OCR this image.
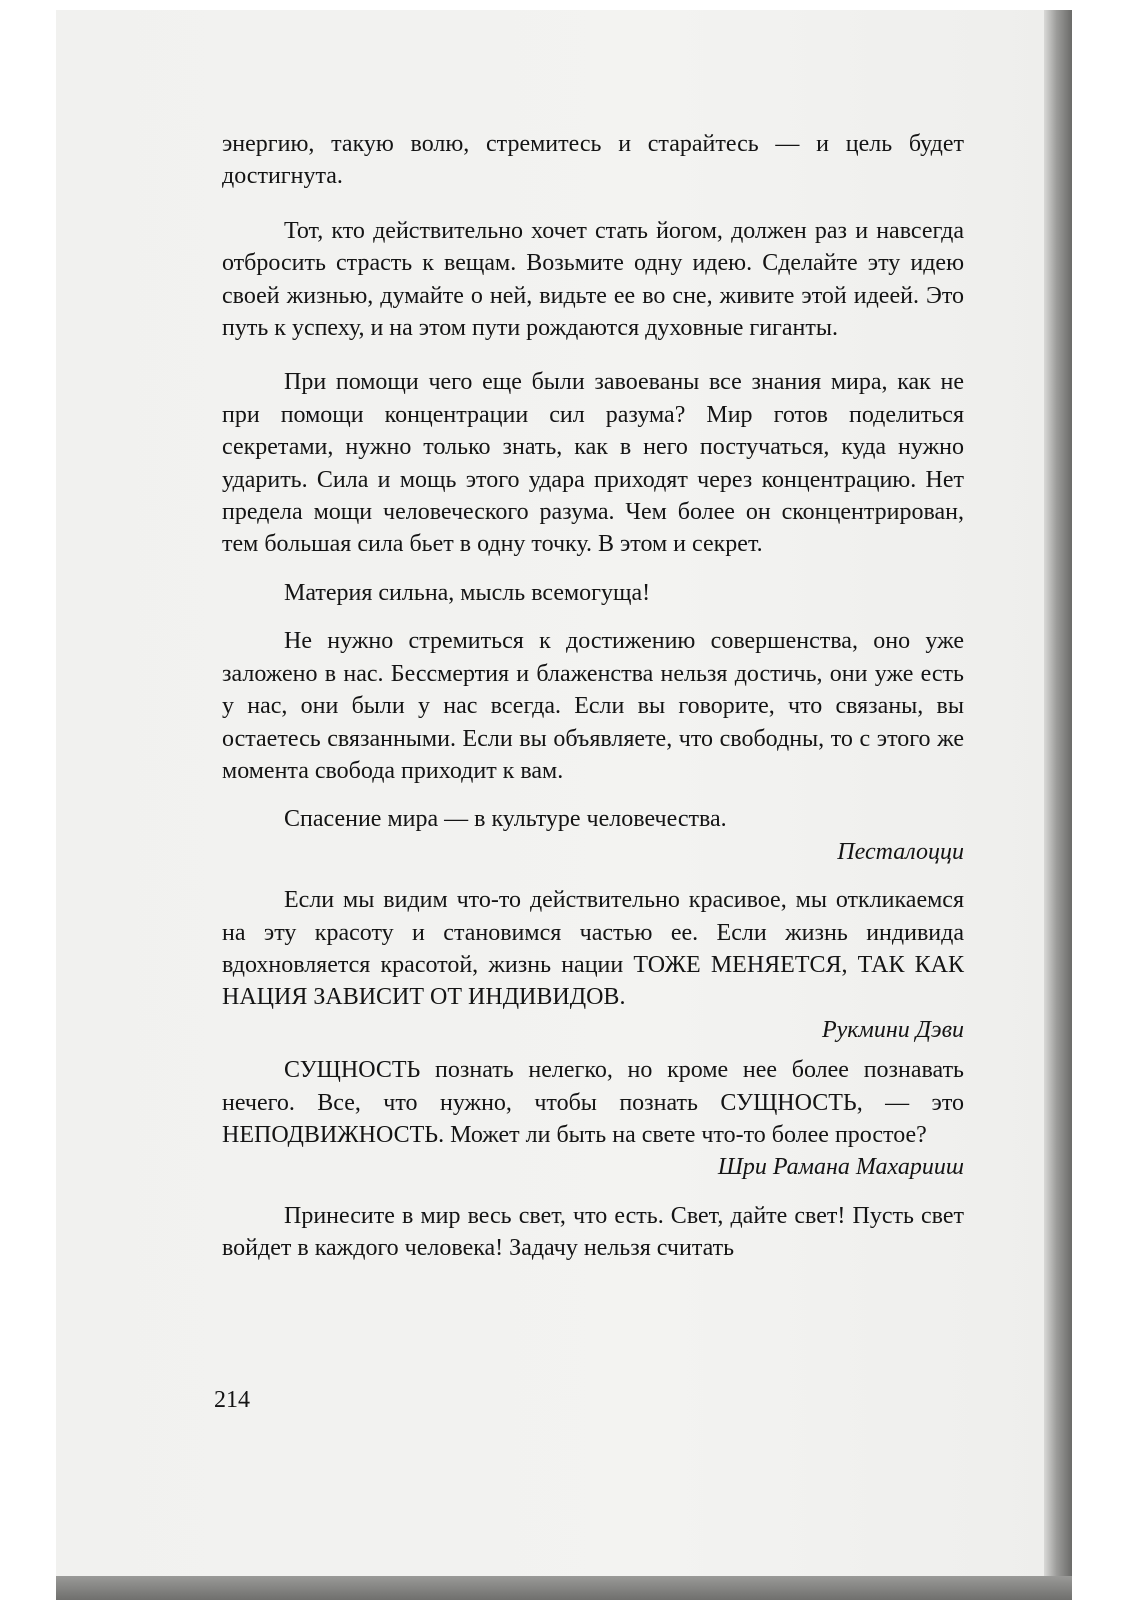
энергию, такую волю, стремитесь и старайтесь — и цель будет достигнута.

Тот, кто действительно хочет стать йогом, должен раз и навсегда отбросить страсть к вещам. Возьмите одну идею. Сделайте эту идею своей жизнью, думайте о ней, видьте ее во сне, живите этой идеей. Это путь к успеху, и на этом пути рождаются духовные гиганты.

При помощи чего еще были завоеваны все знания мира, как не при помощи концентрации сил разума? Мир готов поделиться секретами, нужно только знать, как в него постучаться, куда нужно ударить. Сила и мощь этого удара приходят через концентрацию. Нет предела мощи человеческого разума. Чем более он сконцентрирован, тем большая сила бьет в одну точку. В этом и секрет.

Материя сильна, мысль всемогуща!

Не нужно стремиться к достижению совершенства, оно уже заложено в нас. Бессмертия и блаженства нельзя достичь, они уже есть у нас, они были у нас всегда. Если вы говорите, что связаны, вы остаетесь связанными. Если вы объявляете, что свободны, то с этого же момента свобода приходит к вам.

Спасение мира — в культуре человечества.

Песталоцци

Если мы видим что-то действительно красивое, мы откликаемся на эту красоту и становимся частью ее. Если жизнь индивида вдохновляется красотой, жизнь нации ТОЖЕ МЕНЯЕТСЯ, ТАК КАК НАЦИЯ ЗАВИСИТ ОТ ИНДИВИДОВ.

Рукмини Дэви

СУЩНОСТЬ познать нелегко, но кроме нее более познавать нечего. Все, что нужно, чтобы познать СУЩНОСТЬ, — это НЕПОДВИЖНОСТЬ. Может ли быть на свете что-то более простое?

Шри Рамана Махарииш

Принесите в мир весь свет, что есть. Свет, дайте свет! Пусть свет войдет в каждого человека! Задачу нельзя считать

214
